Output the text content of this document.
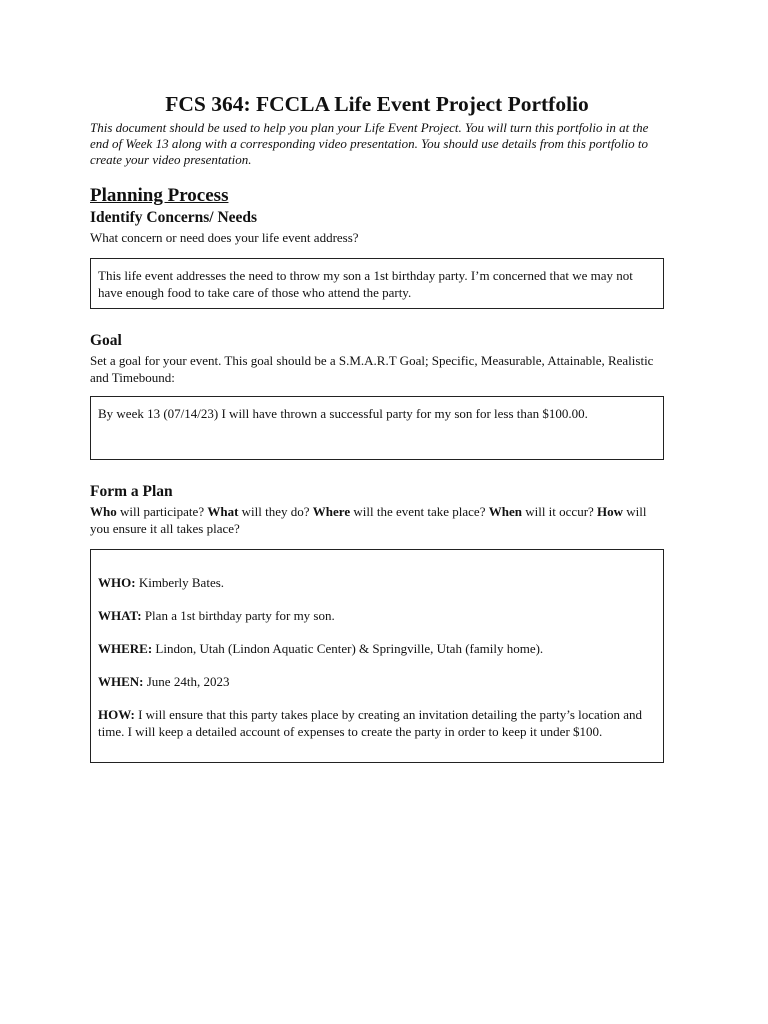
FCS 364: FCCLA Life Event Project Portfolio

This document should be used to help you plan your Life Event Project. You will turn this portfolio in at the end of Week 13 along with a corresponding video presentation. You should use details from this portfolio to create your video presentation.

Planning Process
Identify Concerns/ Needs

What concern or need does your life event address?

This life event addresses the need to throw my son a 1st birthday party. I’m concerned that we may not have enough food to take care of those who attend the party.
Goal

Set a goal for your event. This goal should be a S.M.A.R.T Goal; Specific, Measurable, Attainable, Realistic and Timebound:

By week 13 (07/14/23) I will have thrown a successful party for my son for less than $100.00.
Form a Plan

Who will participate? What will they do? Where will the event take place? When will it occur? How will you ensure it all takes place?

WHO: Kimberly Bates.

WHAT: Plan a 1st birthday party for my son.

WHERE: Lindon, Utah (Lindon Aquatic Center) & Springville, Utah (family home).

WHEN: June 24th, 2023

HOW: I will ensure that this party takes place by creating an invitation detailing the party’s location and time. I will keep a detailed account of expenses to create the party in order to keep it under $100.
